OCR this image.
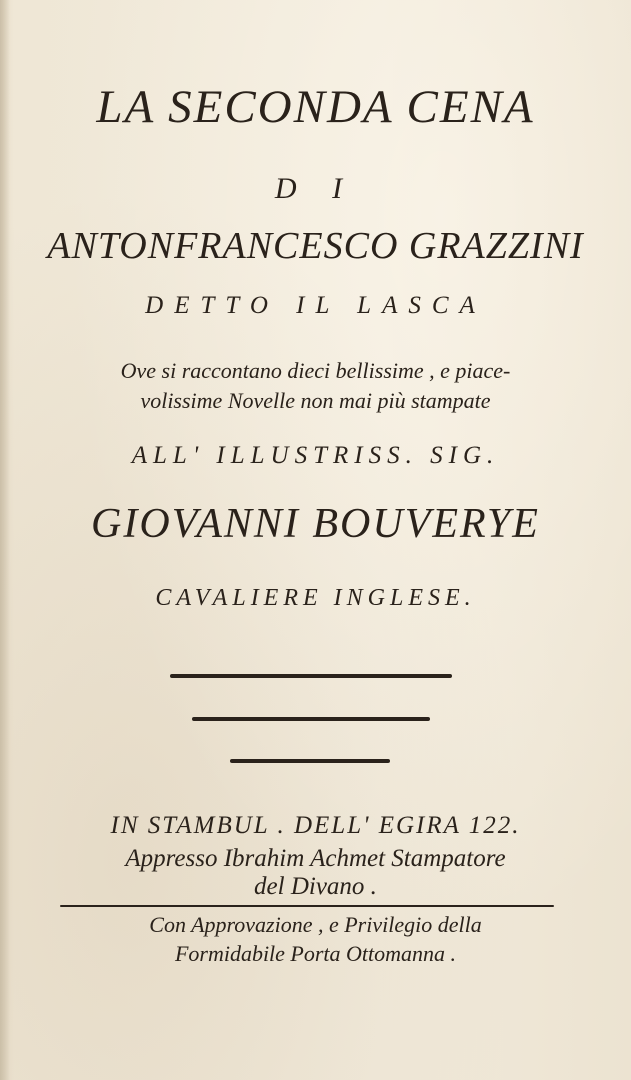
LA SECONDA CENA
D I
ANTONFRANCESCO GRAZZINI
DETTO IL LASCA
Ove si raccontano dieci bellissime , e piace-
volissime Novelle non mai più stampate
ALL' ILLUSTRISS. SIG.
GIOVANNI BOUVERYE
CAVALIERE INGLESE.
IN STAMBUL . DELL' EGIRA 122.
Appresso Ibrahim Achmet Stampatore
del Divano .
Con Approvazione , e Privilegio della
Formidabile Porta Ottomanna .
